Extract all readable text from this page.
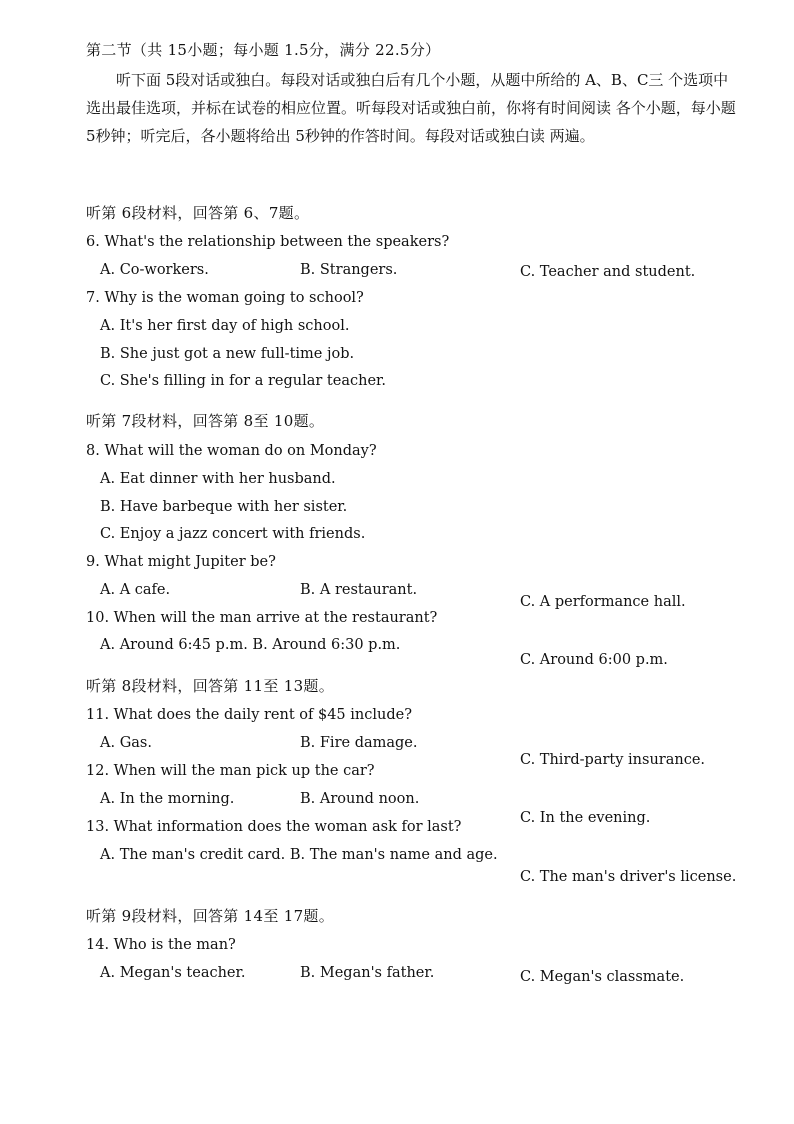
第二节（共 15小题；每小题 1.5分，满分 22.5分）
听下面 5段对话或独白。每段对话或独白后有几个小题，从题中所给的 A、B、C三 个选项中选出最佳选项，并标在试卷的相应位置。听每段对话或独白前，你将有时间阅读 各个小题，每小题 5秒钟；听完后，各小题将给出 5秒钟的作答时间。每段对话或独白读 两遍。
听第 6段材料，回答第 6、7题。
6. What's the relationship between the speakers?
A. Co-workers.	B. Strangers.	C. Teacher and student.
7. Why is the woman going to school?
A. It's her first day of high school.
B. She just got a new full-time job.
C. She's filling in for a regular teacher.
听第 7段材料，回答第 8至 10题。
8. What will the woman do on Monday?
A. Eat dinner with her husband.
B. Have barbeque with her sister.
C. Enjoy a jazz concert with friends.
9. What might Jupiter be?
A. A cafe.	B. A restaurant.
C. A performance hall.
10. When will the man arrive at the restaurant?
A. Around 6:45 p.m. B. Around 6:30 p.m.
C. Around 6:00 p.m.
听第 8段材料，回答第 11至 13题。
11. What does the daily rent of $45 include?
A. Gas.	B. Fire damage.
C. Third-party insurance.
12. When will the man pick up the car?
A. In the morning.	B. Around noon.
C. In the evening.
13. What information does the woman ask for last?
A. The man's credit card. B. The man's name and age.
C. The man's driver's license.
听第 9段材料，回答第 14至 17题。
14. Who is the man?
A. Megan's teacher.	B. Megan's father.	C. Megan's classmate.
